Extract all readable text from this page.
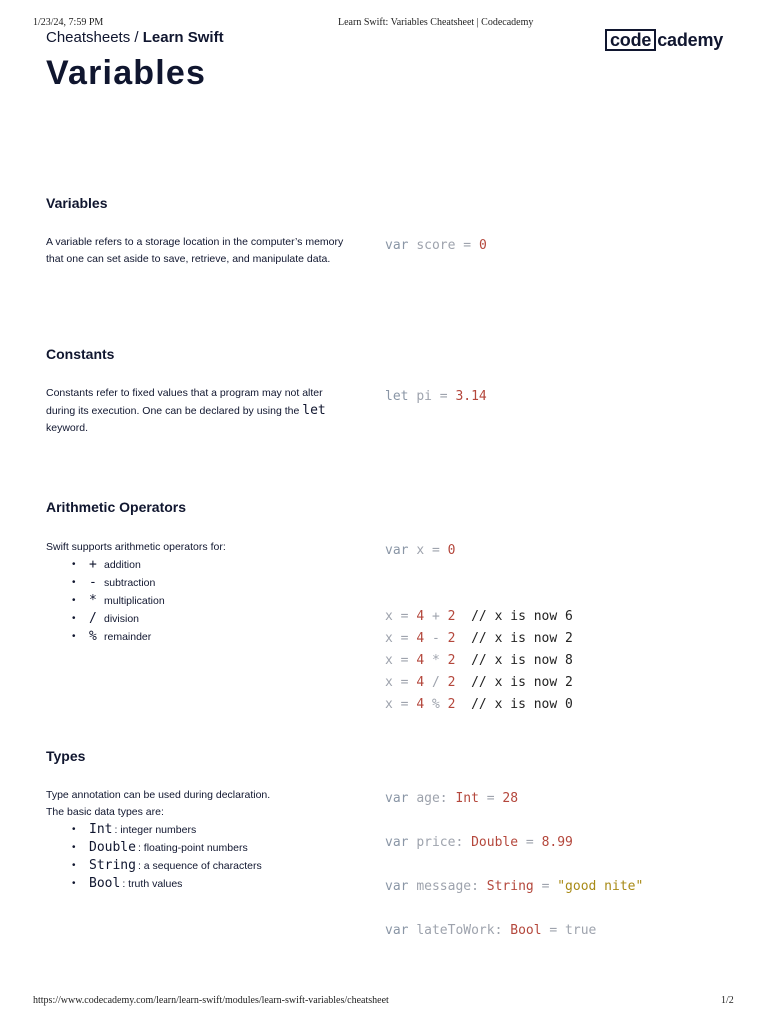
1/23/24, 7:59 PM	Learn Swift: Variables Cheatsheet | Codecademy
https://www.codecademy.com/learn/learn-swift/modules/learn-swift-variables/cheatsheet	1/2
Cheatsheets / Learn Swift	code cademy
Variables
Variables

A variable refers to a storage location in the computer’s memory that one can set aside to save, retrieve, and manipulate data.

var score = 0
Constants

Constants refer to fixed values that a program may not alter during its execution. One can be declared by using the let keyword.

let pi = 3.14
Arithmetic Operators

Swift supports arithmetic operators for:

+ addition
- subtraction
* multiplication
/ division
% remainder
var x = 0

x = 4 + 2 // x is now 6
x = 4 - 2 // x is now 2
x = 4 * 2 // x is now 8
x = 4 / 2 // x is now 2
x = 4 % 2 // x is now 0
Types

Type annotation can be used during declaration.
The basic data types are:

• Int : integer numbers
• Double : floating-point numbers
• String : a sequence of characters
• Bool : truth values
var age: Int = 28
var price: Double = 8.99
var message: String = "good nite"
var lateToWork: Bool = true
